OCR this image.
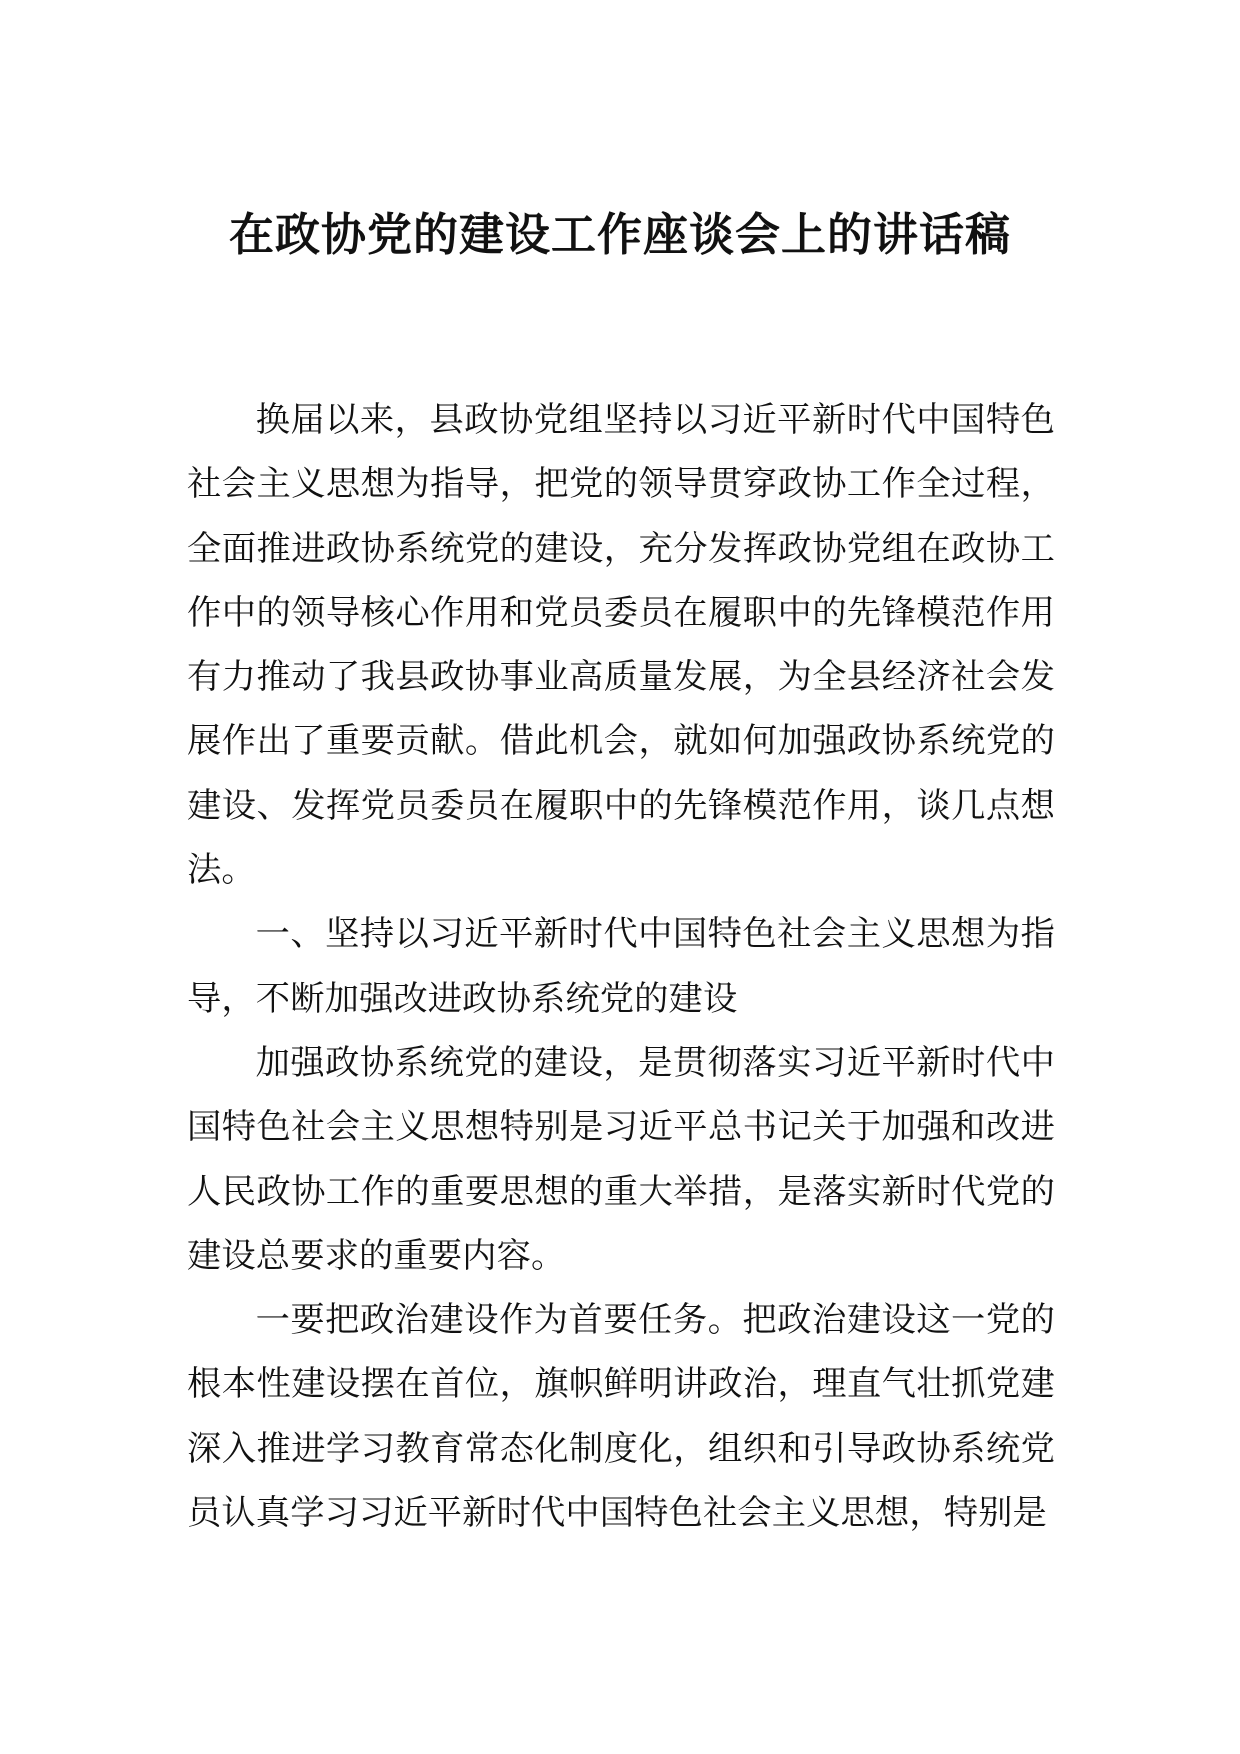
在政协党的建设工作座谈会上的讲话稿

换届以来，县政协党组坚持以习近平新时代中国特色社会主义思想为指导，把党的领导贯穿政协工作全过程，全面推进政协系统党的建设，充分发挥政协党组在政协工作中的领导核心作用和党员委员在履职中的先锋模范作用有力推动了我县政协事业高质量发展，为全县经济社会发展作出了重要贡献。借此机会，就如何加强政协系统党的建设、发挥党员委员在履职中的先锋模范作用，谈几点想法。

一、坚持以习近平新时代中国特色社会主义思想为指导，不断加强改进政协系统党的建设

加强政协系统党的建设，是贯彻落实习近平新时代中国特色社会主义思想特别是习近平总书记关于加强和改进人民政协工作的重要思想的重大举措，是落实新时代党的建设总要求的重要内容。

一要把政治建设作为首要任务。把政治建设这一党的根本性建设摆在首位，旗帜鲜明讲政治，理直气壮抓党建深入推进学习教育常态化制度化，组织和引导政协系统党员认真学习习近平新时代中国特色社会主义思想，特别是
